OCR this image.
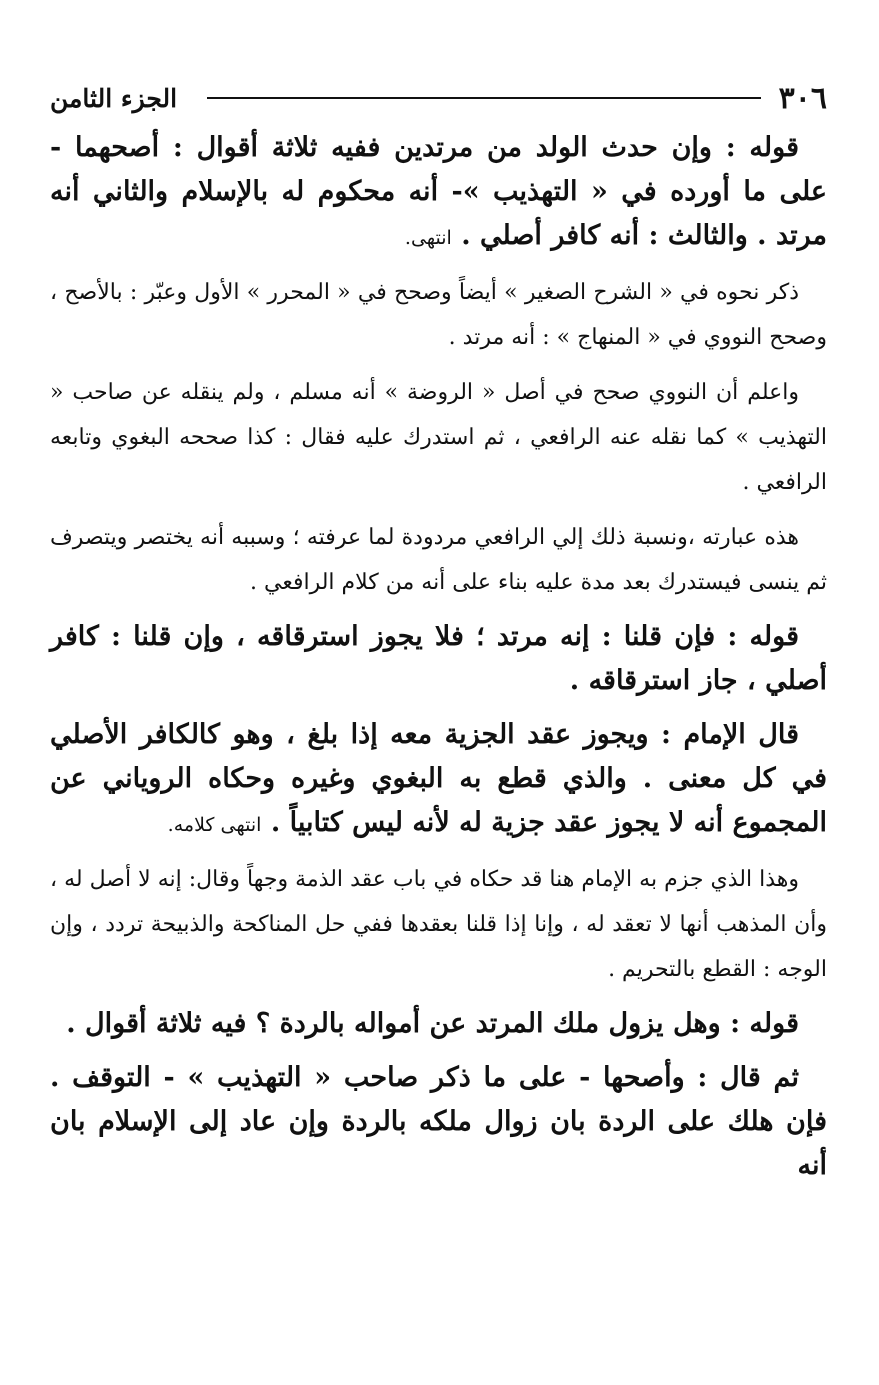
٣٠٦
الجزء الثامن

قوله : وإن حدث الولد من مرتدين ففيه ثلاثة أقوال : أصحهما - على ما أورده في « التهذيب »- أنه محكوم له بالإسلام والثاني أنه مرتد . والثالث : أنه كافر أصلي . انتهى.

ذكر نحوه في « الشرح الصغير » أيضاً وصحح في « المحرر » الأول وعبّر : بالأصح ، وصحح النووي في « المنهاج » : أنه مرتد .

واعلم أن النووي صحح في أصل « الروضة » أنه مسلم ، ولم ينقله عن صاحب « التهذيب » كما نقله عنه الرافعي ، ثم استدرك عليه فقال : كذا صححه البغوي وتابعه الرافعي .

هذه عبارته ،ونسبة ذلك إلي الرافعي مردودة لما عرفته ؛ وسببه أنه يختصر ويتصرف ثم ينسى فيستدرك بعد مدة عليه بناء على أنه من كلام الرافعي .

قوله : فإن قلنا : إنه مرتد ؛ فلا يجوز استرقاقه ، وإن قلنا : كافر أصلي ، جاز استرقاقه .

قال الإمام : ويجوز عقد الجزية معه إذا بلغ ، وهو كالكافر الأصلي في كل معنى . والذي قطع به البغوي وغيره وحكاه الروياني عن المجموع أنه لا يجوز عقد جزية له لأنه ليس كتابياً . انتهى كلامه.

وهذا الذي جزم به الإمام هنا قد حكاه في باب عقد الذمة وجهاً وقال: إنه لا أصل له ، وأن المذهب أنها لا تعقد له ، وإنا إذا قلنا بعقدها ففي حل المناكحة والذبيحة تردد ، وإن الوجه : القطع بالتحريم .

قوله : وهل يزول ملك المرتد عن أمواله بالردة ؟ فيه ثلاثة أقوال .

ثم قال : وأصحها - على ما ذكر صاحب « التهذيب » - التوقف . فإن هلك على الردة بان زوال ملكه بالردة وإن عاد إلى الإسلام بان أنه
